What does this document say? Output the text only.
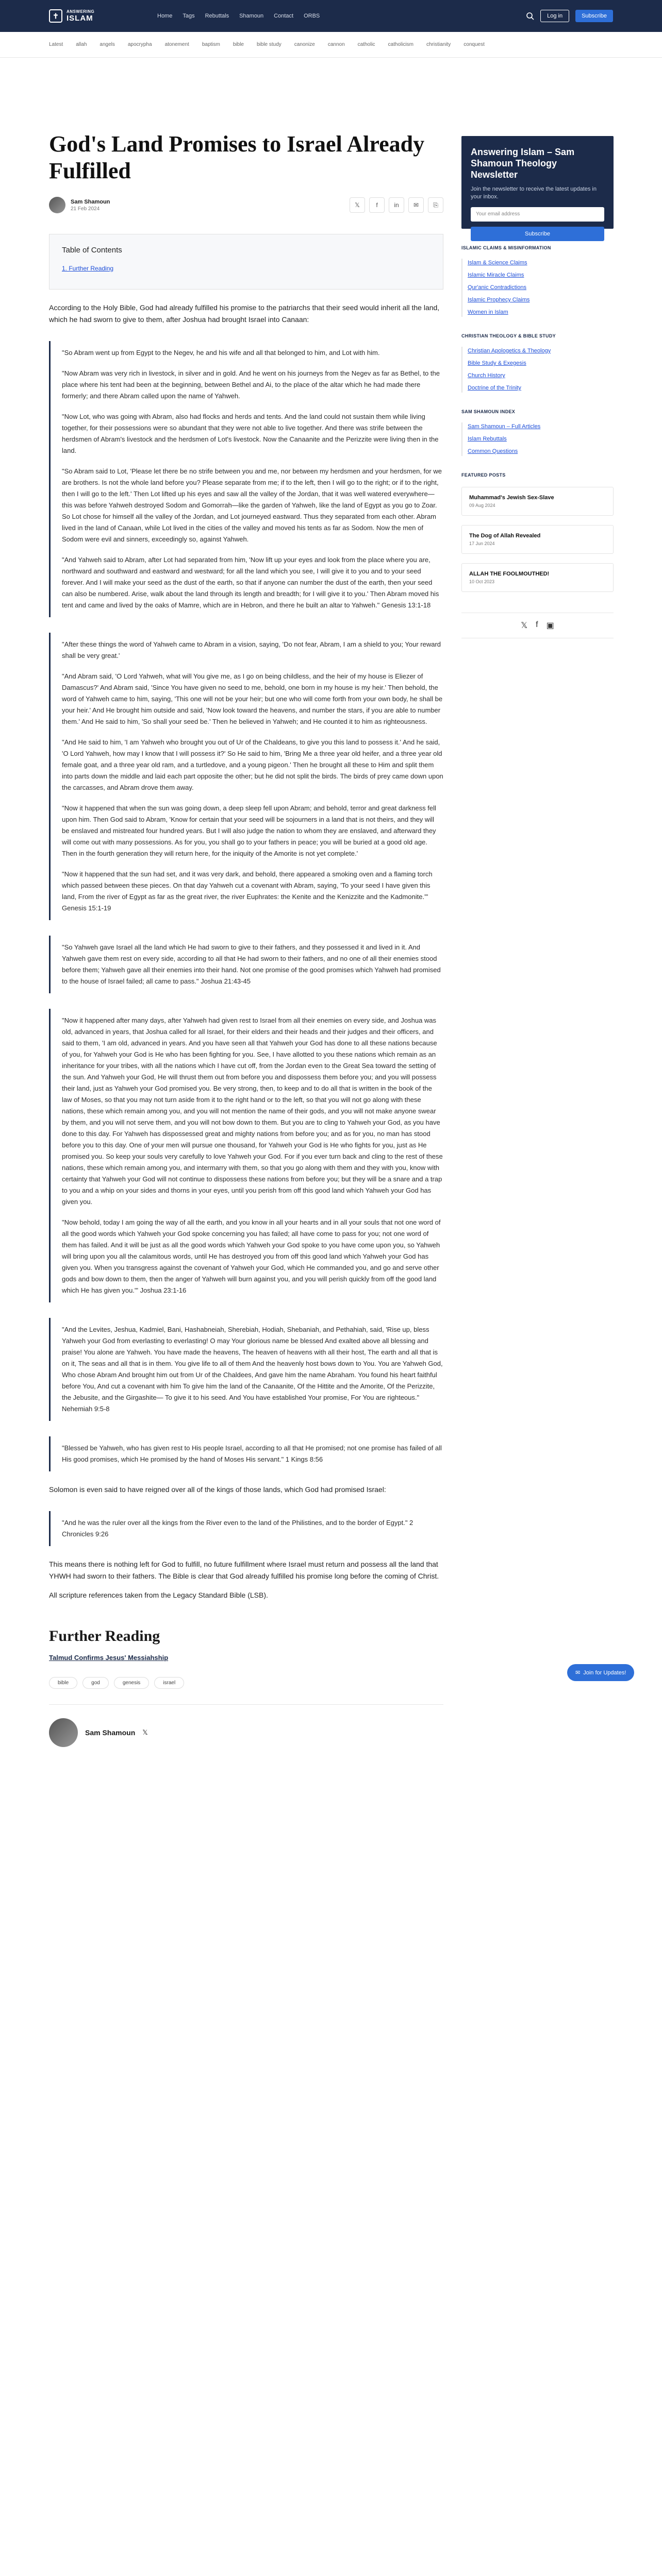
✝	ANSWERING
ISLAM	Home Tags Rebuttals Shamoun Contact ORBS	Log in	Subscribe
Latest	allah	angels	apocrypha	atonement	baptism	bible	bible study	canonize	cannon	catholic	catholicism	christianity	conquest
God's Land Promises to Israel Already Fulfilled
Sam Shamoun
21 Feb 2024	𝕏	f	in	✉	⎘
Table of Contents
1. Further Reading
According to the Holy Bible, God had already fulfilled his promise to the patriarchs that their seed would inherit all the land, which he had sworn to give to them, after Joshua had brought Israel into Canaan:

"So Abram went up from Egypt to the Negev, he and his wife and all that belonged to him, and Lot with him.

"Now Abram was very rich in livestock, in silver and in gold. And he went on his journeys from the Negev as far as Bethel, to the place where his tent had been at the beginning, between Bethel and Ai, to the place of the altar which he had made there formerly; and there Abram called upon the name of Yahweh.

"Now Lot, who was going with Abram, also had flocks and herds and tents. And the land could not sustain them while living together, for their possessions were so abundant that they were not able to live together. And there was strife between the herdsmen of Abram's livestock and the herdsmen of Lot's livestock. Now the Canaanite and the Perizzite were living then in the land.

"So Abram said to Lot, 'Please let there be no strife between you and me, nor between my herdsmen and your herdsmen, for we are brothers. Is not the whole land before you? Please separate from me; if to the left, then I will go to the right; or if to the right, then I will go to the left.' Then Lot lifted up his eyes and saw all the valley of the Jordan, that it was well watered everywhere—this was before Yahweh destroyed Sodom and Gomorrah—like the garden of Yahweh, like the land of Egypt as you go to Zoar. So Lot chose for himself all the valley of the Jordan, and Lot journeyed eastward. Thus they separated from each other. Abram lived in the land of Canaan, while Lot lived in the cities of the valley and moved his tents as far as Sodom. Now the men of Sodom were evil and sinners, exceedingly so, against Yahweh.

"And Yahweh said to Abram, after Lot had separated from him, 'Now lift up your eyes and look from the place where you are, northward and southward and eastward and westward; for all the land which you see, I will give it to you and to your seed forever. And I will make your seed as the dust of the earth, so that if anyone can number the dust of the earth, then your seed can also be numbered. Arise, walk about the land through its length and breadth; for I will give it to you.' Then Abram moved his tent and came and lived by the oaks of Mamre, which are in Hebron, and there he built an altar to Yahweh." Genesis 13:1-18

"After these things the word of Yahweh came to Abram in a vision, saying, 'Do not fear, Abram, I am a shield to you; Your reward shall be very great.'

"And Abram said, 'O Lord Yahweh, what will You give me, as I go on being childless, and the heir of my house is Eliezer of Damascus?' And Abram said, 'Since You have given no seed to me, behold, one born in my house is my heir.' Then behold, the word of Yahweh came to him, saying, 'This one will not be your heir; but one who will come forth from your own body, he shall be your heir.' And He brought him outside and said, 'Now look toward the heavens, and number the stars, if you are able to number them.' And He said to him, 'So shall your seed be.' Then he believed in Yahweh; and He counted it to him as righteousness.

"And He said to him, 'I am Yahweh who brought you out of Ur of the Chaldeans, to give you this land to possess it.' And he said, 'O Lord Yahweh, how may I know that I will possess it?' So He said to him, 'Bring Me a three year old heifer, and a three year old female goat, and a three year old ram, and a turtledove, and a young pigeon.' Then he brought all these to Him and split them into parts down the middle and laid each part opposite the other; but he did not split the birds. The birds of prey came down upon the carcasses, and Abram drove them away.

"Now it happened that when the sun was going down, a deep sleep fell upon Abram; and behold, terror and great darkness fell upon him. Then God said to Abram, 'Know for certain that your seed will be sojourners in a land that is not theirs, and they will be enslaved and mistreated four hundred years. But I will also judge the nation to whom they are enslaved, and afterward they will come out with many possessions. As for you, you shall go to your fathers in peace; you will be buried at a good old age. Then in the fourth generation they will return here, for the iniquity of the Amorite is not yet complete.'

"Now it happened that the sun had set, and it was very dark, and behold, there appeared a smoking oven and a flaming torch which passed between these pieces. On that day Yahweh cut a covenant with Abram, saying, 'To your seed I have given this land, From the river of Egypt as far as the great river, the river Euphrates: the Kenite and the Kenizzite and the Kadmonite.'" Genesis 15:1-19

"So Yahweh gave Israel all the land which He had sworn to give to their fathers, and they possessed it and lived in it. And Yahweh gave them rest on every side, according to all that He had sworn to their fathers, and no one of all their enemies stood before them; Yahweh gave all their enemies into their hand. Not one promise of the good promises which Yahweh had promised to the house of Israel failed; all came to pass." Joshua 21:43-45

"Now it happened after many days, after Yahweh had given rest to Israel from all their enemies on every side, and Joshua was old, advanced in years, that Joshua called for all Israel, for their elders and their heads and their judges and their officers, and said to them, 'I am old, advanced in years. And you have seen all that Yahweh your God has done to all these nations because of you, for Yahweh your God is He who has been fighting for you. See, I have allotted to you these nations which remain as an inheritance for your tribes, with all the nations which I have cut off, from the Jordan even to the Great Sea toward the setting of the sun. And Yahweh your God, He will thrust them out from before you and dispossess them before you; and you will possess their land, just as Yahweh your God promised you. Be very strong, then, to keep and to do all that is written in the book of the law of Moses, so that you may not turn aside from it to the right hand or to the left, so that you will not go along with these nations, these which remain among you, and you will not mention the name of their gods, and you will not make anyone swear by them, and you will not serve them, and you will not bow down to them. But you are to cling to Yahweh your God, as you have done to this day. For Yahweh has dispossessed great and mighty nations from before you; and as for you, no man has stood before you to this day. One of your men will pursue one thousand, for Yahweh your God is He who fights for you, just as He promised you. So keep your souls very carefully to love Yahweh your God. For if you ever turn back and cling to the rest of these nations, these which remain among you, and intermarry with them, so that you go along with them and they with you, know with certainty that Yahweh your God will not continue to dispossess these nations from before you; but they will be a snare and a trap to you and a whip on your sides and thorns in your eyes, until you perish from off this good land which Yahweh your God has given you.

"Now behold, today I am going the way of all the earth, and you know in all your hearts and in all your souls that not one word of all the good words which Yahweh your God spoke concerning you has failed; all have come to pass for you; not one word of them has failed. And it will be just as all the good words which Yahweh your God spoke to you have come upon you, so Yahweh will bring upon you all the calamitous words, until He has destroyed you from off this good land which Yahweh your God has given you. When you transgress against the covenant of Yahweh your God, which He commanded you, and go and serve other gods and bow down to them, then the anger of Yahweh will burn against you, and you will perish quickly from off the good land which He has given you.'" Joshua 23:1-16

"And the Levites, Jeshua, Kadmiel, Bani, Hashabneiah, Sherebiah, Hodiah, Shebaniah, and Pethahiah, said, 'Rise up, bless Yahweh your God from everlasting to everlasting! O may Your glorious name be blessed And exalted above all blessing and praise! You alone are Yahweh. You have made the heavens, The heaven of heavens with all their host, The earth and all that is on it, The seas and all that is in them. You give life to all of them And the heavenly host bows down to You. You are Yahweh God, Who chose Abram And brought him out from Ur of the Chaldees, And gave him the name Abraham. You found his heart faithful before You, And cut a covenant with him To give him the land of the Canaanite, Of the Hittite and the Amorite, Of the Perizzite, the Jebusite, and the Girgashite— To give it to his seed. And You have established Your promise, For You are righteous." Nehemiah 9:5-8

"Blessed be Yahweh, who has given rest to His people Israel, according to all that He promised; not one promise has failed of all His good promises, which He promised by the hand of Moses His servant." 1 Kings 8:56

Solomon is even said to have reigned over all of the kings of those lands, which God had promised Israel:

"And he was the ruler over all the kings from the River even to the land of the Philistines, and to the border of Egypt." 2 Chronicles 9:26

This means there is nothing left for God to fulfill, no future fulfillment where Israel must return and possess all the land that YHWH had sworn to their fathers. The Bible is clear that God already fulfilled his promise long before the coming of Christ.
All scripture references taken from the Legacy Standard Bible (LSB).
Further Reading
Talmud Confirms Jesus' Messiahship
bible	god	genesis	israel
Sam Shamoun 𝕏
Answering Islam – Sam Shamoun Theology Newsletter
Join the newsletter to receive the latest updates in your inbox.
Your email address
Subscribe
ISLAMIC CLAIMS & MISINFORMATION
Islam & Science Claims
Islamic Miracle Claims
Qur'anic Contradictions
Islamic Prophecy Claims
Women in Islam
CHRISTIAN THEOLOGY & BIBLE STUDY
Christian Apologetics & Theology
Bible Study & Exegesis
Church History
Doctrine of the Trinity
SAM SHAMOUN INDEX
Sam Shamoun – Full Articles
Islam Rebuttals
Common Questions
FEATURED POSTS
Muhammad's Jewish Sex-Slave
09 Aug 2024
The Dog of Allah Revealed
17 Jun 2024
ALLAH THE FOOLMOUTHED!
10 Oct 2023
𝕏 f ▣
✉ Join for Updates!
